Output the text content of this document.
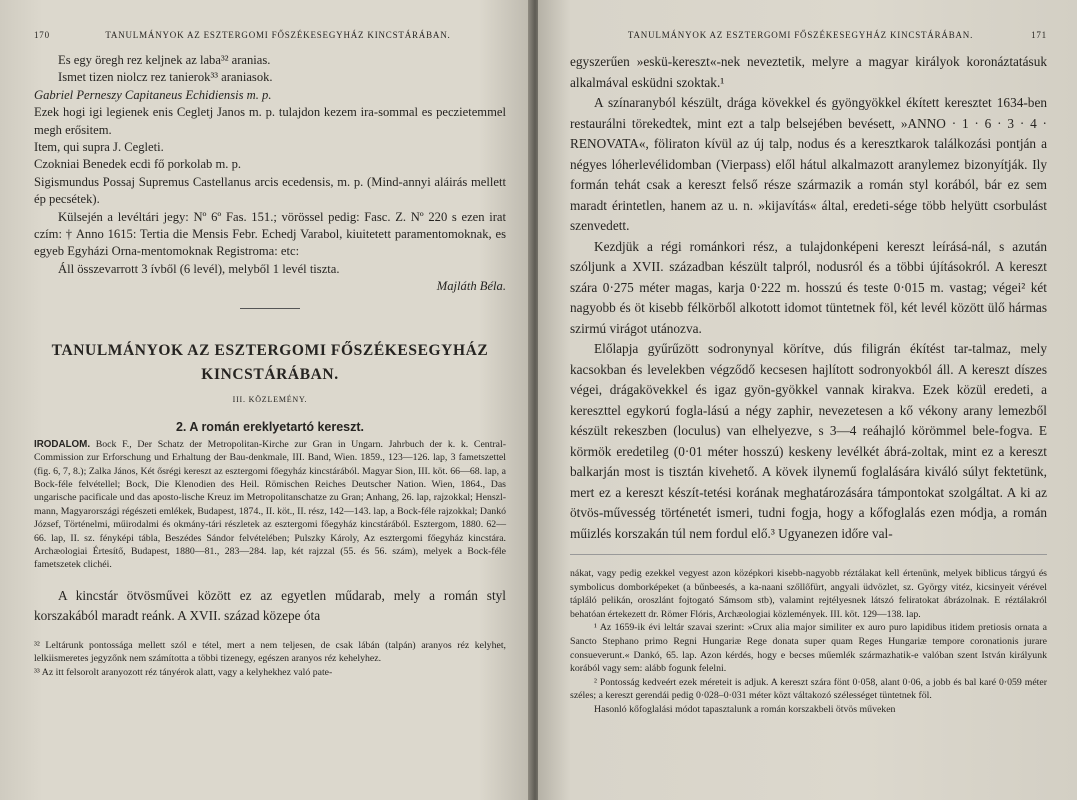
170	TANULMÁNYOK AZ ESZTERGOMI FŐSZÉKESEGYHÁZ KINCSTÁRÁBAN.

Es egy öregh rez keljnek az laba³² aranias.

Ismet tizen niolcz rez tanierok³³ araniasok.

Gabriel Perneszy Capitaneus Echidiensis m. p.

Ezek hogi igi legienek enis Cegletj Janos m. p. tulajdon kezem ira-sommal es peczietemmel megh erősitem.

Item, qui supra J. Cegleti.

Czokniai Benedek ecdi fő porkolab m. p.

Sigismundus Possaj Supremus Castellanus arcis ecedensis, m. p. (Mind-annyi aláirás mellett ép pecsétek).

Külsején a levéltári jegy: Nº 6º Fas. 151.; vörössel pedig: Fasc. Z. Nº 220 s ezen irat czím: † Anno 1615: Tertia die Mensis Febr. Echedj Varabol, kiuitetett paramentomoknak, es egyeb Egyházi Orna-mentomoknak Registroma: etc:

Áll összevarrott 3 ívből (6 levél), melyből 1 levél tiszta.

Majláth Béla.

TANULMÁNYOK AZ ESZTERGOMI FŐSZÉKESEGYHÁZ KINCSTÁRÁBAN.
III. KÖZLEMÉNY.
2. A román ereklyetartó kereszt.

IRODALOM. Bock F., Der Schatz der Metropolitan-Kirche zur Gran in Ungarn. Jahrbuch der k. k. Central-Commission zur Erforschung und Erhaltung der Bau-denkmale, III. Band, Wien. 1859., 123—126. lap, 3 fametszettel (fig. 6, 7, 8.); Zalka János, Két ősrégi kereszt az esztergomi főegyház kincstárából. Magyar Sion, III. köt. 66—68. lap, a Bock-féle felvétellel; Bock, Die Klenodien des Heil. Römischen Reiches Deutscher Nation. Wien, 1864., Das ungarische pacificale und das aposto-lische Kreuz im Metropolitanschatze zu Gran; Anhang, 26. lap, rajzokkal; Henszl-mann, Magyarországi régészeti emlékek, Budapest, 1874., II. köt., II. rész, 142—143. lap, a Bock-féle rajzokkal; Dankó József, Történelmi, műirodalmi és okmány-tári részletek az esztergomi főegyház kincstárából. Esztergom, 1880. 62—66. lap, II. sz. fényképi tábla, Beszédes Sándor felvételében; Pulszky Károly, Az esztergomi főegyház kincstára. Archæologiai Értesítő, Budapest, 1880—81., 283—284. lap, két rajzzal (55. és 56. szám), melyek a Bock-féle fametszetek clichéi.

A kincstár ötvösművei között ez az egyetlen műdarab, mely a román styl korszakából maradt reánk. A XVII. század közepe óta

³² Leltárunk pontossága mellett szól e tétel, mert a nem teljesen, de csak lábán (talpán) aranyos réz kelyhet, lelkiismeretes jegyzőnk nem számította a többi tizenegy, egészen aranyos réz kehelyhez.

³³ Az itt felsorolt aranyozott réz tányérok alatt, vagy a kelyhekhez való pate-

TANULMÁNYOK AZ ESZTERGOMI FŐSZÉKESEGYHÁZ KINCSTÁRÁBAN.	171

egyszerűen »eskü-kereszt«-nek neveztetik, melyre a magyar királyok koronáztatásuk alkalmával esküdni szoktak.¹

A színaranyból készült, drága kövekkel és gyöngyökkel ékített keresztet 1634-ben restaurálni törekedtek, mint ezt a talp belsejében bevésett, »ANNO · 1 · 6 · 3 · 4 · RENOVATA«, fölirat​on kívül az új talp, nodus és a keresztkarok találkozási pontján a négyes lóherlevéli​domban (Vierpass) elől hátul alkalmazott aranylemez bizonyítják. Ily formán tehát csak a kereszt felső része származik a román styl korából, bár ez sem maradt érintetlen, hanem az u. n. »kijavítás« által, eredeti-sége több helyütt csorbulást szenvedett.

Kezdjük a régi románkori rész, a tulajdonképeni kereszt leírásá-nál, s azután szóljunk a XVII. században készült talpról, nodusról és a többi újításokról. A kereszt szára 0·275 méter magas, karja 0·222 m. hosszú és teste 0·015 m. vastag; végei² két nagyobb és öt kisebb félkörből alkotott idomot tüntetnek föl, két levél között ülő hármas szirmú virágot utánozva.

Előlapja gyűrűzött sodronynyal körítve, dús filigrán ékítést tar-talmaz, mely kacsokban és levelekben végződő kecsesen hajlított sodronyokból áll. A kereszt díszes végei, drágakövekkel és igaz gyön-gyökkel vannak kirakva. Ezek közül eredeti, a kereszttel egykorú fogla-lású a négy zaphir, nevezetesen a kő vékony arany lemezből készült rekeszben (loculus) van elhelyezve, s 3—4 reáhajló körömmel bele-fogva. E körmök eredetileg (0·01 méter hosszú) keskeny levélkét ábrá-zoltak, mint ez a kereszt balkarján most is tisztán kivehető. A kövek ilynemű foglalására kiváló súlyt fektetünk, mert ez a kereszt készít-tetési korának meghatározására támpontokat szolgáltat. A ki az ötvös-művesség történetét ismeri, tudni fogja, hogy a kőfoglalás ezen módja, a román műizlés korszakán túl nem fordul elő.³ Ugyanezen időre val-

nákat, vagy pedig ezekkel vegyest azon középkori kisebb-nagyobb réztálakat kell értenünk, melyek biblicus tárgyú és symbolicus domborképeket (a bűnbeesés, a ka-naani szőllőfürt, angyali üdvözlet, sz. György vitéz, kicsinyeit vérével tápláló pelikán, oroszlánt fojtogató Sámsom stb), valamint rejtélyesnek látszó feliratokat ábrázolnak. E réztálakról behatóan értekezett dr. Römer Flóris, Archæologiai közlemények. III. köt. 129—138. lap.

¹ Az 1659-ik évi leltár szavai szerint: »Crux alia major similiter ex auro puro lapidibus itidem pretiosis ornata a Sancto Stephano primo Regni Hungariæ Rege donata super quam Reges Hungariæ tempore coronationis jurare consueverunt.« Dankó, 65. lap. Azon kérdés, hogy e becses műemlék származhatik-e valóban szent István királyunk korából vagy sem: alább fogunk felelni.

² Pontosság kedveért ezek méreteit is adjuk. A kereszt szára fönt 0·058, alant 0·06, a jobb és bal karé 0·059 méter széles; a kereszt gerendái pedig 0·028–0·031 méter közt váltakozó szélességet tüntetnek föl.

Hasonló kőfoglalási módot tapasztalunk a román korszakbeli ötvös műveken
